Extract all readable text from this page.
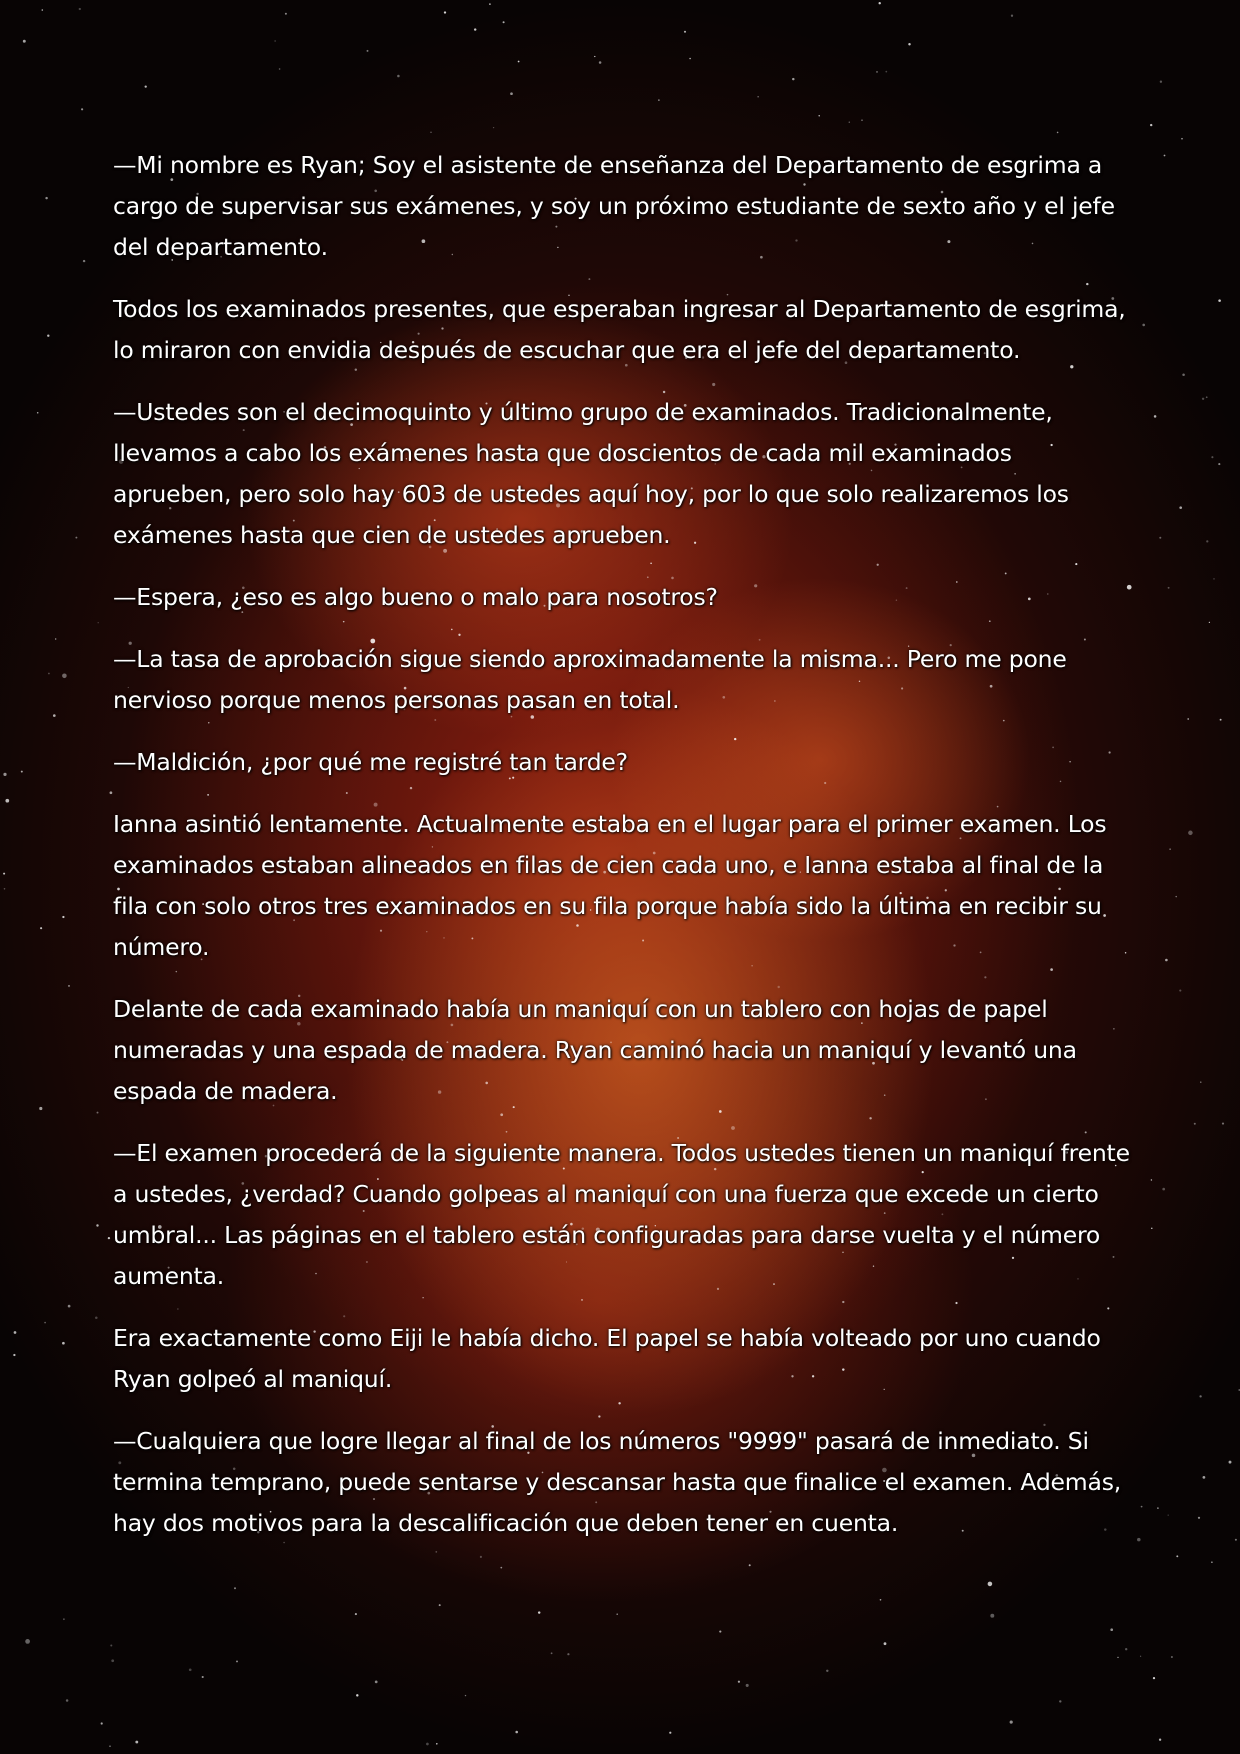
—Mi nombre es Ryan; Soy el asistente de enseñanza del Departamento de esgrima a cargo de supervisar sus exámenes, y soy un próximo estudiante de sexto año y el jefe del departamento.

Todos los examinados presentes, que esperaban ingresar al Departamento de esgrima, lo miraron con envidia después de escuchar que era el jefe del departamento.

—Ustedes son el decimoquinto y último grupo de examinados. Tradicionalmente, llevamos a cabo los exámenes hasta que doscientos de cada mil examinados aprueben, pero solo hay 603 de ustedes aquí hoy, por lo que solo realizaremos los exámenes hasta que cien de ustedes aprueben.

—Espera, ¿eso es algo bueno o malo para nosotros?

—La tasa de aprobación sigue siendo aproximadamente la misma... Pero me pone nervioso porque menos personas pasan en total.

—Maldición, ¿por qué me registré tan tarde?

Ianna asintió lentamente. Actualmente estaba en el lugar para el primer examen. Los examinados estaban alineados en filas de cien cada uno, e Ianna estaba al final de la fila con solo otros tres examinados en su fila porque había sido la última en recibir su número.

Delante de cada examinado había un maniquí con un tablero con hojas de papel numeradas y una espada de madera. Ryan caminó hacia un maniquí y levantó una espada de madera.

—El examen procederá de la siguiente manera. Todos ustedes tienen un maniquí frente a ustedes, ¿verdad? Cuando golpeas al maniquí con una fuerza que excede un cierto umbral... Las páginas en el tablero están configuradas para darse vuelta y el número aumenta.

Era exactamente como Eiji le había dicho. El papel se había volteado por uno cuando Ryan golpeó al maniquí.

—Cualquiera que logre llegar al final de los números "9999" pasará de inmediato. Si termina temprano, puede sentarse y descansar hasta que finalice el examen. Además, hay dos motivos para la descalificación que deben tener en cuenta.
